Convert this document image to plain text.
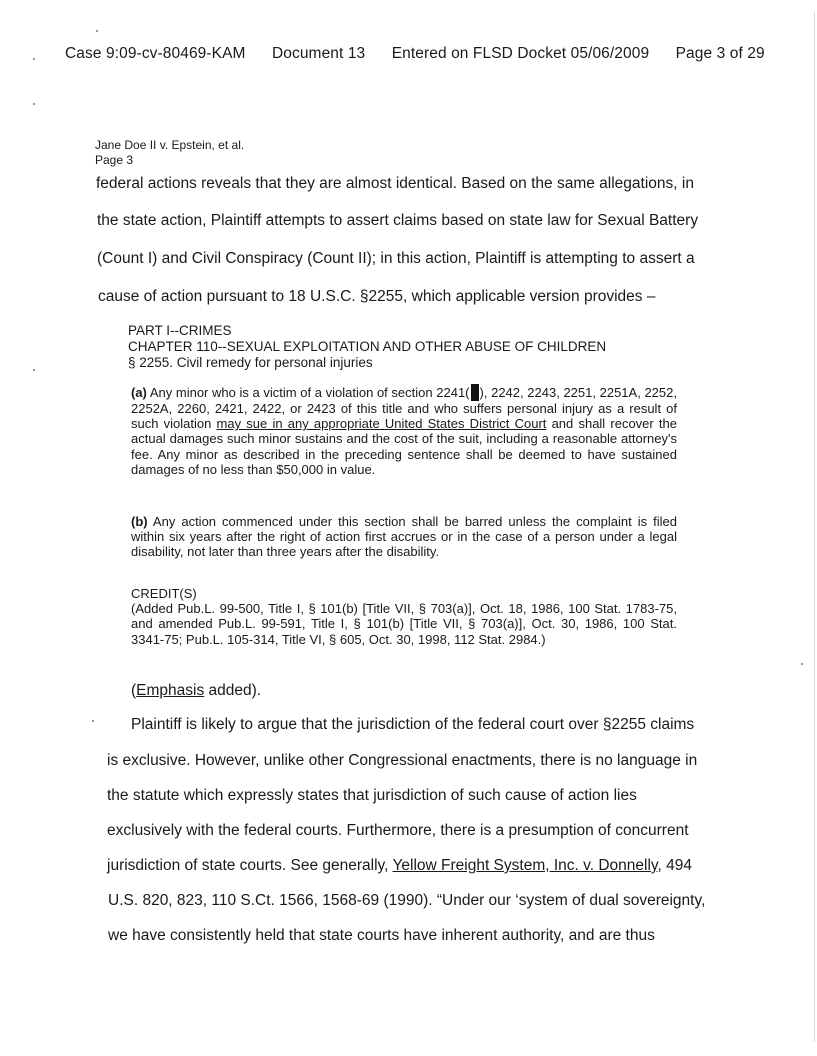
Case 9:09-cv-80469-KAM Document 13 Entered on FLSD Docket 05/06/2009 Page 3 of 29
Jane Doe II v. Epstein, et al.
Page 3
federal actions reveals that they are almost identical. Based on the same allegations, in
the state action, Plaintiff attempts to assert claims based on state law for Sexual Battery
(Count I) and Civil Conspiracy (Count II); in this action, Plaintiff is attempting to assert a
cause of action pursuant to 18 U.S.C. §2255, which applicable version provides –
PART I--CRIMES
CHAPTER 110--SEXUAL EXPLOITATION AND OTHER ABUSE OF CHILDREN
§ 2255. Civil remedy for personal injuries
(a) Any minor who is a victim of a violation of section 2241( ), 2242, 2243, 2251, 2251A, 2252, 2252A, 2260, 2421, 2422, or 2423 of this title and who suffers personal injury as a result of such violation may sue in any appropriate United States District Court and shall recover the actual damages such minor sustains and the cost of the suit, including a reasonable attorney's fee. Any minor as described in the preceding sentence shall be deemed to have sustained damages of no less than $50,000 in value.
(b) Any action commenced under this section shall be barred unless the complaint is filed within six years after the right of action first accrues or in the case of a person under a legal disability, not later than three years after the disability.
CREDIT(S)
(Added Pub.L. 99-500, Title I, § 101(b) [Title VII, § 703(a)], Oct. 18, 1986, 100 Stat. 1783-75, and amended Pub.L. 99-591, Title I, § 101(b) [Title VII, § 703(a)], Oct. 30, 1986, 100 Stat. 3341-75; Pub.L. 105-314, Title VI, § 605, Oct. 30, 1998, 112 Stat. 2984.)
(Emphasis added).
Plaintiff is likely to argue that the jurisdiction of the federal court over §2255 claims
is exclusive. However, unlike other Congressional enactments, there is no language in
the statute which expressly states that jurisdiction of such cause of action lies
exclusively with the federal courts. Furthermore, there is a presumption of concurrent
jurisdiction of state courts. See generally, Yellow Freight System, Inc. v. Donnelly, 494
U.S. 820, 823, 110 S.Ct. 1566, 1568-69 (1990). “Under our ‘system of dual sovereignty,
we have consistently held that state courts have inherent authority, and are thus
